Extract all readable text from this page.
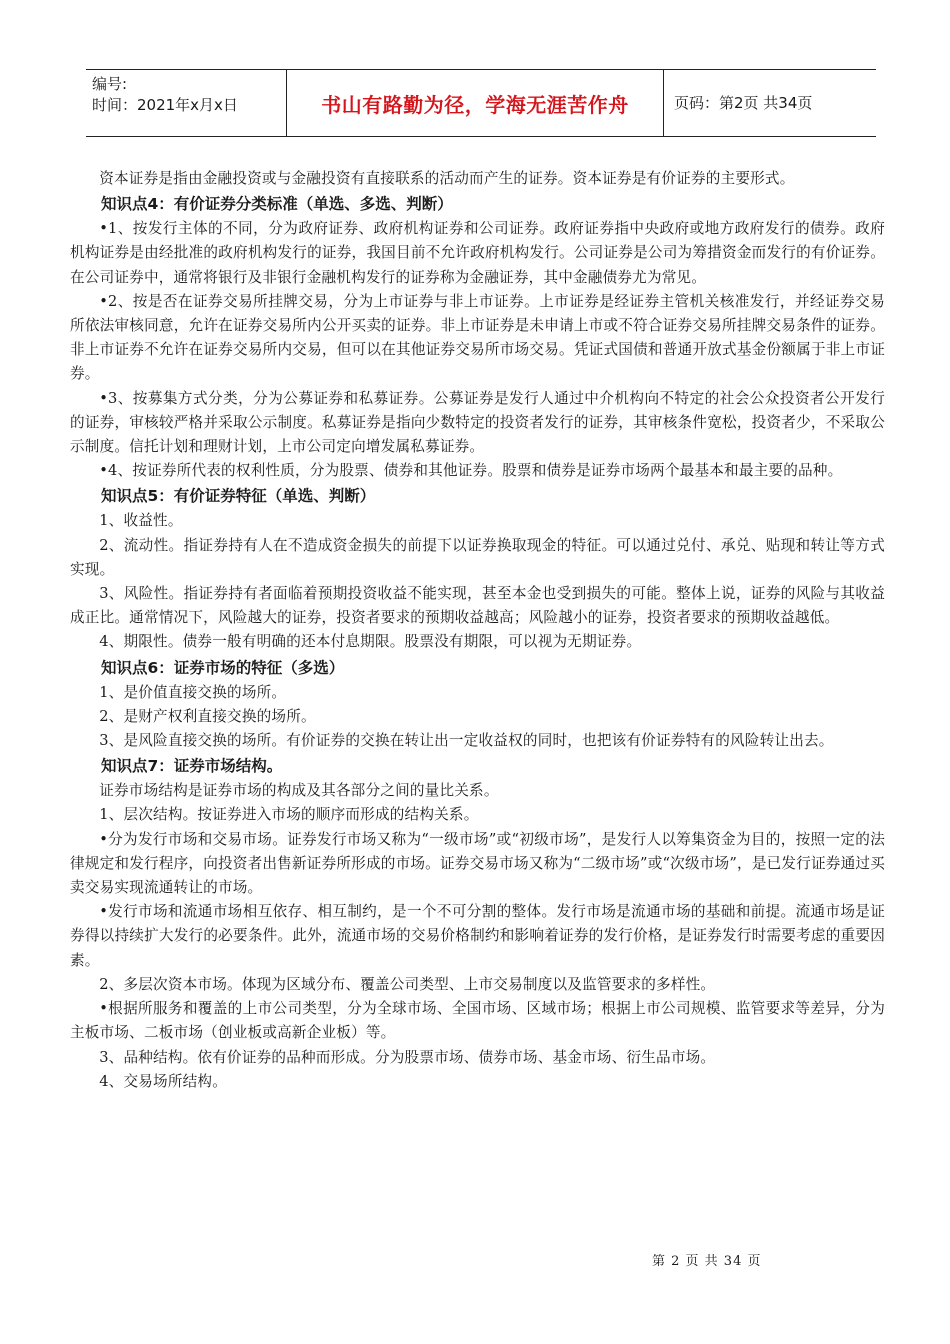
编号:
时间：2021年x月x日	书山有路勤为径，学海无涯苦作舟	页码：第2页 共34页

资本证券是指由金融投资或与金融投资有直接联系的活动而产生的证券。资本证券是有价证券的主要形式。

知识点4：有价证券分类标准（单选、多选、判断）

•1、按发行主体的不同，分为政府证券、政府机构证券和公司证券。政府证券指中央政府或地方政府发行的债券。政府机构证券是由经批准的政府机构发行的证券，我国目前不允许政府机构发行。公司证券是公司为筹措资金而发行的有价证券。在公司证券中，通常将银行及非银行金融机构发行的证券称为金融证券，其中金融债券尤为常见。

•2、按是否在证券交易所挂牌交易，分为上市证券与非上市证券。上市证券是经证券主管机关核准发行，并经证券交易所依法审核同意，允许在证券交易所内公开买卖的证券。非上市证券是未申请上市或不符合证券交易所挂牌交易条件的证券。非上市证券不允许在证券交易所内交易，但可以在其他证券交易所市场交易。凭证式国债和普通开放式基金份额属于非上市证券。

•3、按募集方式分类，分为公募证券和私募证券。公募证券是发行人通过中介机构向不特定的社会公众投资者公开发行的证券，审核较严格并采取公示制度。私募证券是指向少数特定的投资者发行的证券，其审核条件宽松，投资者少，不采取公示制度。信托计划和理财计划，上市公司定向增发属私募证券。

•4、按证券所代表的权利性质，分为股票、债券和其他证券。股票和债券是证券市场两个最基本和最主要的品种。

知识点5：有价证券特征（单选、判断）

1、收益性。

2、流动性。指证券持有人在不造成资金损失的前提下以证券换取现金的特征。可以通过兑付、承兑、贴现和转让等方式实现。

3、风险性。指证券持有者面临着预期投资收益不能实现，甚至本金也受到损失的可能。整体上说，证券的风险与其收益成正比。通常情况下，风险越大的证券，投资者要求的预期收益越高；风险越小的证券，投资者要求的预期收益越低。

4、期限性。债券一般有明确的还本付息期限。股票没有期限，可以视为无期证券。

知识点6：证券市场的特征（多选）

1、是价值直接交换的场所。

2、是财产权利直接交换的场所。

3、是风险直接交换的场所。有价证券的交换在转让出一定收益权的同时，也把该有价证券特有的风险转让出去。

知识点7：证券市场结构。

证券市场结构是证券市场的构成及其各部分之间的量比关系。

1、层次结构。按证券进入市场的顺序而形成的结构关系。

•分为发行市场和交易市场。证券发行市场又称为“一级市场”或“初级市场”，是发行人以筹集资金为目的，按照一定的法律规定和发行程序，向投资者出售新证券所形成的市场。证券交易市场又称为“二级市场”或“次级市场”，是已发行证券通过买卖交易实现流通转让的市场。

•发行市场和流通市场相互依存、相互制约，是一个不可分割的整体。发行市场是流通市场的基础和前提。流通市场是证券得以持续扩大发行的必要条件。此外，流通市场的交易价格制约和影响着证券的发行价格，是证券发行时需要考虑的重要因素。

2、多层次资本市场。体现为区域分布、覆盖公司类型、上市交易制度以及监管要求的多样性。

•根据所服务和覆盖的上市公司类型，分为全球市场、全国市场、区域市场；根据上市公司规模、监管要求等差异，分为主板市场、二板市场（创业板或高新企业板）等。

3、品种结构。依有价证券的品种而形成。分为股票市场、债券市场、基金市场、衍生品市场。

4、交易场所结构。

第 2 页 共 34 页
